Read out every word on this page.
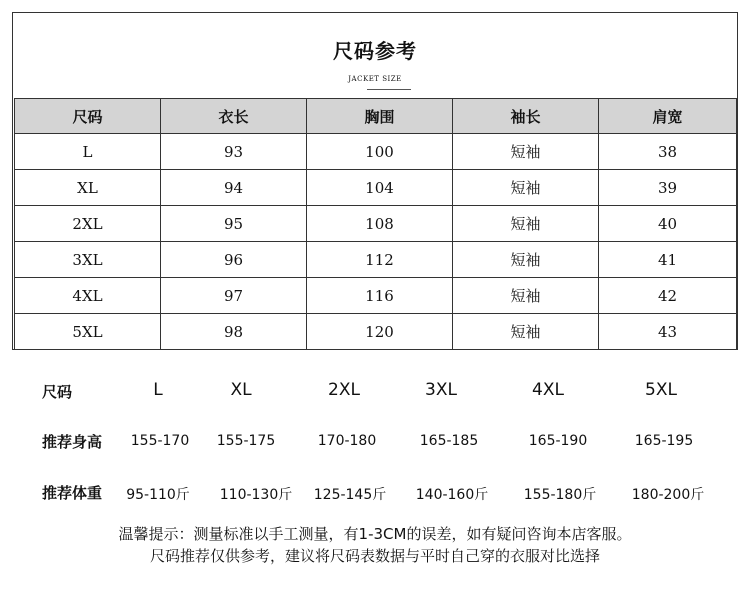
尺码参考
JACKET SIZE
尺码	衣长	胸围	袖长	肩宽
L	93	100	短袖	38
XL	94	104	短袖	39
2XL	95	108	短袖	40
3XL	96	112	短袖	41
4XL	97	116	短袖	42
5XL	98	120	短袖	43
尺码	L	XL	2XL	3XL	4XL	5XL
推荐身高 155-170 155-175	170-180	165-185	165-190	165-195
推荐体重 95-110斤 110-130斤 125-145斤 140-160斤	155-180斤	180-200斤
温馨提示：测量标准以手工测量，有1-3CM的误差，如有疑问咨询本店客服。
尺码推荐仅供参考，建议将尺码表数据与平时自己穿的衣服对比选择
